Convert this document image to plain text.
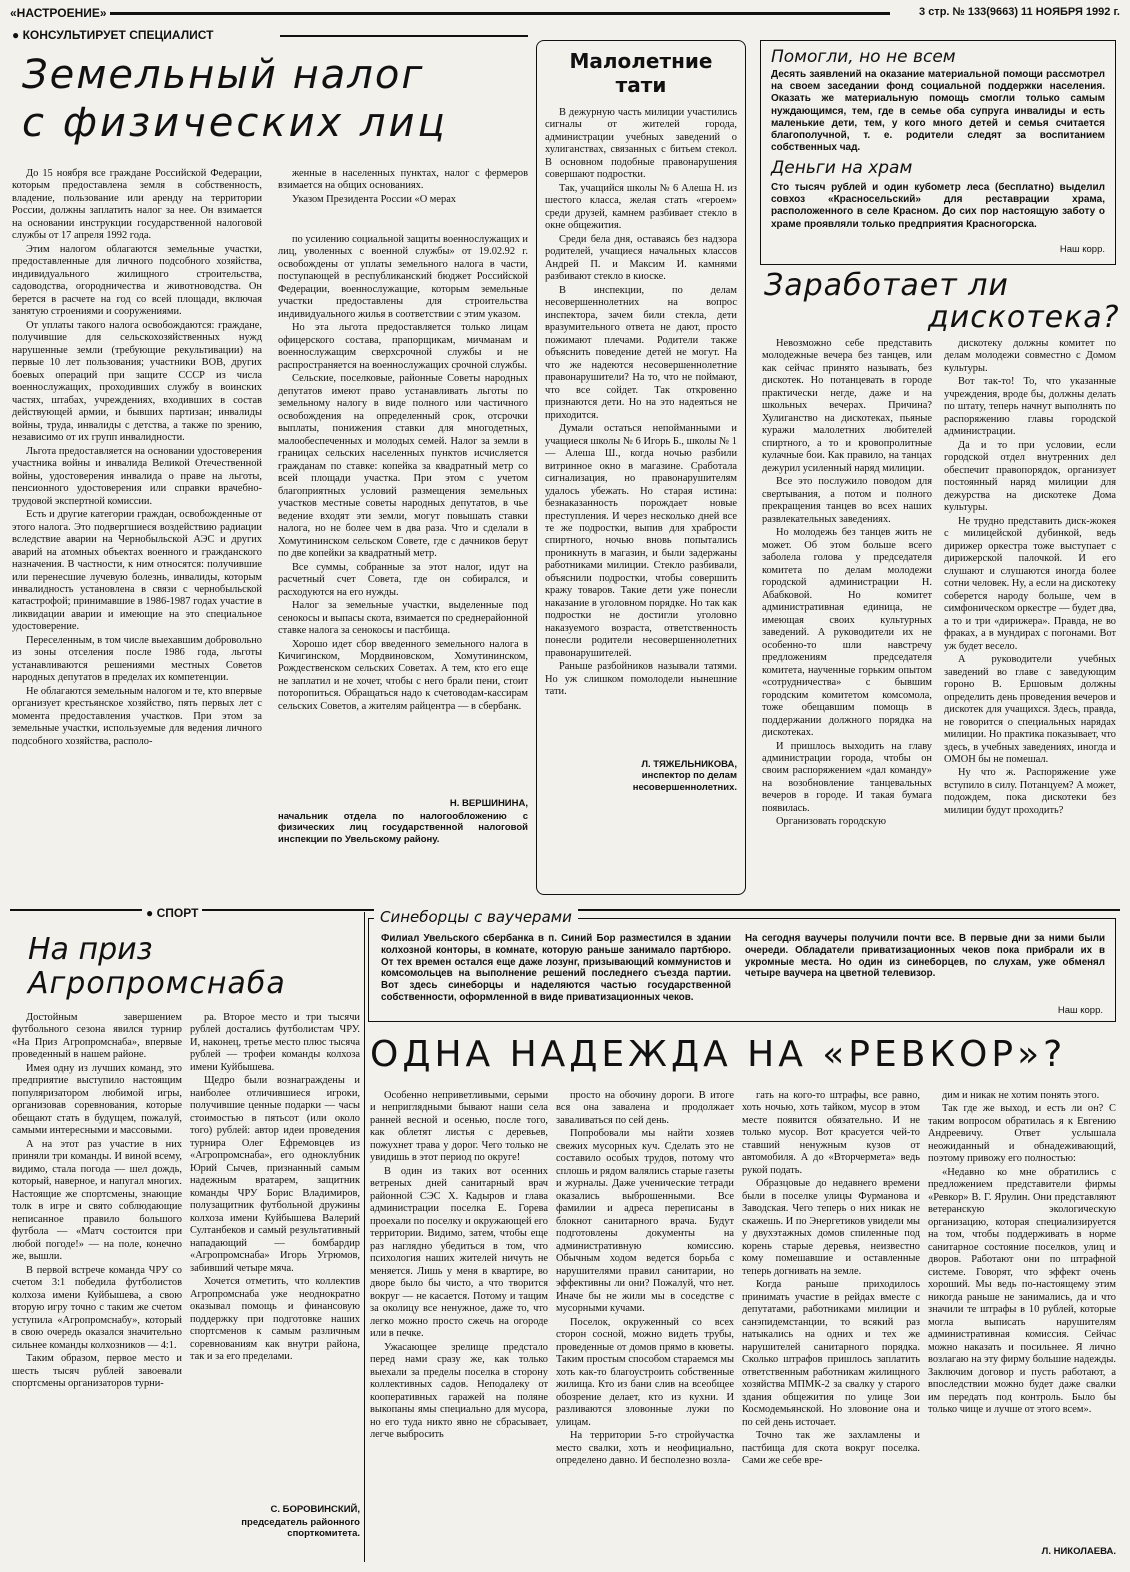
«НАСТРОЕНИЕ»	3 стр. № 133(9663) 11 НОЯБРЯ 1992 г.
● КОНСУЛЬТИРУЕТ СПЕЦИАЛИСТ
Земельный налог
с физических лиц

До 15 ноября все граждане Российской Федерации, которым предоставлена земля в собственность, владение, пользование или аренду на территории России, должны заплатить налог за нее. Он взимается на основании инструкции государственной налоговой службы от 17 апреля 1992 года.

Этим налогом облагаются земельные участки, предоставленные для личного подсобного хозяйства, индивидуального жилищного строительства, садоводства, огородничества и животноводства. Он берется в расчете на год со всей площади, включая занятую строениями и сооружениями.

От уплаты такого налога освобождаются: граждане, получившие для сельскохозяйственных нужд нарушенные земли (требующие рекультивации) на первые 10 лет пользования; участники ВОВ, других боевых операций при защите СССР из числа военнослужащих, проходивших службу в воинских частях, штабах, учреждениях, входивших в состав действующей армии, и бывших партизан; инвалиды войны, труда, инвалиды с детства, а также по зрению, независимо от их групп инвалидности.

Льгота предоставляется на основании удостоверения участника войны и инвалида Великой Отечественной войны, удостоверения инвалида о праве на льготы, пенсионного удостоверения или справки врачебно-трудовой экспертной комиссии.

Есть и другие категории граждан, освобожденные от этого налога. Это подвергшиеся воздействию радиации вследствие аварии на Чернобыльской АЭС и других аварий на атомных объектах военного и гражданского назначения. В частности, к ним относятся: получившие или перенесшие лучевую болезнь, инвалиды, которым инвалидность установлена в связи с чернобыльской катастрофой; принимавшие в 1986-1987 годах участие в ликвидации аварии и имеющие на это специальное удостоверение.

Переселенным, в том числе выехавшим добровольно из зоны отселения после 1986 года, льготы устанавливаются решениями местных Советов народных депутатов в пределах их компетенции.

Не облагаются земельным налогом и те, кто впервые организует крестьянское хозяйство, пять первых лет с момента предоставления участков. При этом за земельные участки, используемые для ведения личного подсобного хозяйства, располо-

женные в населенных пунктах, налог с фермеров взимается на общих основаниях.

Указом Президента России «О мерах

по усилению социальной защиты военнослужащих и лиц, уволенных с военной службы» от 19.02.92 г. освобождены от уплаты земельного налога в части, поступающей в республиканский бюджет Российской Федерации, военнослужащие, которым земельные участки предоставлены для строительства индивидуального жилья в соответствии с этим указом.

Но эта льгота предоставляется только лицам офицерского состава, прапорщикам, мичманам и военнослужащим сверхсрочной службы и не распространяется на военнослужащих срочной службы.

Сельские, поселковые, районные Советы народных депутатов имеют право устанавливать льготы по земельному налогу в виде полного или частичного освобождения на определенный срок, отсрочки выплаты, понижения ставки для многодетных, малообеспеченных и молодых семей. Налог за земли в границах сельских населенных пунктов исчисляется гражданам по ставке: копейка за квадратный метр со всей площади участка. При этом с учетом благоприятных условий размещения земельных участков местные советы народных депутатов, в чье ведение входят эти земли, могут повышать ставки налога, но не более чем в два раза. Что и сделали в Хомутининском сельском Совете, где с дачников берут по две копейки за квадратный метр.

Все суммы, собранные за этот налог, идут на расчетный счет Совета, где он собирался, и расходуются на его нужды.

Налог за земельные участки, выделенные под сенокосы и выпасы скота, взимается по среднерайонной ставке налога за сенокосы и пастбища.

Хорошо идет сбор введенного земельного налога в Кичигинском, Мордвиновском, Хомутининском, Рождественском сельских Советах. А тем, кто его еще не заплатил и не хочет, чтобы с него брали пени, стоит поторопиться. Обращаться надо к счетоводам-кассирам сельских Советов, а жителям райцентра — в сбербанк.

Н. ВЕРШИНИНА,
начальник отдела по налогообложению с физических лиц государственной налоговой инспекции по Увельскому району.
Малолетние
тати

В дежурную часть милиции участились сигналы от жителей города, администрации учебных заведений о хулиганствах, связанных с битьем стекол. В основном подобные правонарушения совершают подростки.

Так, учащийся школы № 6 Алеша Н. из шестого класса, желая стать «героем» среди друзей, камнем разбивает стекло в окне общежития.

Среди бела дня, оставаясь без надзора родителей, учащиеся начальных классов Андрей П. и Максим И. камнями разбивают стекло в киоске.

В инспекции, по делам несовершеннолетних на вопрос инспектора, зачем били стекла, дети вразумительного ответа не дают, просто пожимают плечами. Родители также объяснить поведение детей не могут. На что же надеются несовершеннолетние правонарушители? На то, что не поймают, что все сойдет. Так откровенно признаются дети. Но на это надеяться не приходится.

Думали остаться непойманными и учащиеся школы № 6 Игорь Б., школы № 1 — Алеша Ш., когда ночью разбили витринное окно в магазине. Сработала сигнализация, но правонарушителям удалось убежать. Но старая истина: безнаказанность порождает новые преступления. И через несколько дней все те же подростки, выпив для храбрости спиртного, ночью вновь попытались проникнуть в магазин, и были задержаны работниками милиции. Стекло разбивали, объяснили подростки, чтобы совершить кражу товаров. Такие дети уже понесли наказание в уголовном порядке. Но так как подростки не достигли уголовно наказуемого возраста, ответственность понесли родители несовершеннолетних правонарушителей.

Раньше разбойников называли татями. Но уж слишком помолодели нынешние тати.

Л. ТЯЖЕЛЬНИКОВА,
инспектор по делам несовершеннолетних.
Помогли, но не всем
Десять заявлений на оказание материальной помощи рассмотрел на своем заседании фонд социальной поддержки населения. Оказать же материальную помощь смогли только самым нуждающимся, тем, где в семье оба супруга инвалиды и есть маленькие дети, тем, у кого много детей и семья считается благополучной, т. е. родители следят за воспитанием собственных чад.
Деньги на храм
Сто тысяч рублей и один кубометр леса (бесплатно) выделил совхоз «Красносельский» для реставрации храма, расположенного в селе Красном. До сих пор настоящую заботу о храме проявляли только предприятия Красногорска.
Наш корр.
Заработает ли
дискотека?

Невозможно себе представить молодежные вечера без танцев, или как сейчас принято называть, без дискотек. Но потанцевать в городе практически негде, даже и на школьных вечерах. Причина? Хулиганство на дискотеках, пьяные куражи малолетних любителей спиртного, а то и кровопролитные кулачные бои. Как правило, на танцах дежурил усиленный наряд милиции.

Все это послужило поводом для свертывания, а потом и полного прекращения танцев во всех наших развлекательных заведениях.

Но молодежь без танцев жить не может. Об этом больше всего заболела голова у председателя комитета по делам молодежи городской администрации Н. Абабковой. Но комитет административная единица, не имеющая своих культурных заведений. А руководители их не особенно-то шли навстречу предложениям председателя комитета, наученные горьким опытом «сотрудничества» с бывшим городским комитетом комсомола, тоже обещавшим помощь в поддержании должного порядка на дискотеках.

И пришлось выходить на главу администрации города, чтобы он своим распоряжением «дал команду» на возобновление танцевальных вечеров в городе. И такая бумага появилась.

Организовать городскую

дискотеку должны комитет по делам молодежи совместно с Домом культуры.

Вот так-то! То, что указанные учреждения, вроде бы, должны делать по штату, теперь начнут выполнять по распоряжению главы городской администрации.

Да и то при условии, если городской отдел внутренних дел обеспечит правопорядок, организует постоянный наряд милиции для дежурства на дискотеке Дома культуры.

Не трудно представить диск-жокея с милицейской дубинкой, ведь дирижер оркестра тоже выступает с дирижерской палочкой. И его слушают и слушаются иногда более сотни человек. Ну, а если на дискотеку соберется народу больше, чем в симфоническом оркестре — будет два, а то и три «дирижера». Правда, не во фраках, а в мундирах с погонами. Вот уж будет весело.

А руководители учебных заведений во главе с заведующим гороно В. Ершовым должны определить день проведения вечеров и дискотек для учащихся. Здесь, правда, не говорится о специальных нарядах милиции. Но практика показывает, что здесь, в учебных заведениях, иногда и ОМОН бы не помешал.

Ну что ж. Распоряжение уже вступило в силу. Потанцуем? А может, подождем, пока дискотеки без милиции будут проходить?

● СПОРТ
На приз
Агропромснаба

Достойным завершением футбольного сезона явился турнир «На Приз Агропромснаба», впервые проведенный в нашем районе.

Имея одну из лучших команд, это предприятие выступило настоящим популяризатором любимой игры, организовав соревнования, которые обещают стать в будущем, пожалуй, самыми интересными и массовыми.

А на этот раз участие в них приняли три команды. И виной всему, видимо, стала погода — шел дождь, который, наверное, и напугал многих. Настоящие же спортсмены, знающие толк в игре и свято соблюдающие неписанное правило большого футбола — «Матч состоится при любой погоде!» — на поле, конечно же, вышли.

В первой встрече команда ЧРУ со счетом 3:1 победила футболистов колхоза имени Куйбышева, а свою вторую игру точно с таким же счетом уступила «Агропромснабу», который в свою очередь оказался значительно сильнее команды колхозников — 4:1.

Таким образом, первое место и шесть тысяч рублей завоевали спортсмены организаторов турни-

ра. Второе место и три тысячи рублей достались футболистам ЧРУ. И, наконец, третье место плюс тысяча рублей — трофеи команды колхоза имени Куйбышева.

Щедро были вознаграждены и наиболее отличившиеся игроки, получившие ценные подарки — часы стоимостью в пятьсот (или около того) рублей: автор идеи проведения турнира Олег Ефремовцев из «Агропромснаба», его одноклубник Юрий Сычев, признанный самым надежным вратарем, защитник команды ЧРУ Борис Владимиров, полузащитник футбольной дружины колхоза имени Куйбышева Валерий Султанбеков и самый результативный нападающий — бомбардир «Агропромснаба» Игорь Угрюмов, забивший четыре мяча.

Хочется отметить, что коллектив Агропромснаба уже неоднократно оказывал помощь и финансовую поддержку при подготовке наших спортсменов к самым различным соревнованиям как внутри района, так и за его пределами.

С. БОРОВИНСКИЙ,
председатель районного спорткомитета.
Филиал Увельского сбербанка в п. Синий Бор разместился в здании колхозной конторы, в комнате, которую раньше занимало партбюро. От тех времен остался еще даже лозунг, призывающий коммунистов и комсомольцев на выполнение решений последнего съезда партии. Вот здесь синеборцы и наделяются частью государственной собственности, оформленной в виде приватизационных чеков.
На сегодня ваучеры получили почти все. В первые дни за ними были очереди. Обладатели приватизационных чеков пока прибрали их в укромные места. Но один из синеборцев, по слухам, уже обменял четыре ваучера на цветной телевизор.
Наш корр.
Синеборцы с ваучерами
ОДНА НАДЕЖДА НА «РЕВКОР»?

Особенно неприветливыми, серыми и неприглядными бывают наши села ранней весной и осенью, после того, как облетят листья с деревьев, пожухнет трава у дорог. Чего только не увидишь в этот период по округе!

В один из таких вот осенних ветреных дней санитарный врач районной СЭС Х. Кадыров и глава администрации поселка Е. Горева проехали по поселку и окружающей его территории. Видимо, затем, чтобы еще раз наглядно убедиться в том, что психология наших жителей ничуть не меняется. Лишь у меня в квартире, во дворе было бы чисто, а что творится вокруг — не касается. Потому и тащим за околицу все ненужное, даже то, что легко можно просто сжечь на огороде или в печке.

Ужасающее зрелище предстало перед нами сразу же, как только выехали за пределы поселка в сторону коллективных садов. Неподалеку от кооперативных гаражей на поляне выкопаны ямы специально для мусора, но его туда никто явно не сбрасывает, легче выбросить

просто на обочину дороги. В итоге вся она завалена и продолжает заваливаться по сей день.

Попробовали мы найти хозяев свежих мусорных куч. Сделать это не составило особых трудов, потому что сплошь и рядом валялись старые газеты и журналы. Даже ученические тетради оказались выброшенными. Все фамилии и адреса переписаны в блокнот санитарного врача. Будут подготовлены документы на административную комиссию. Обычным ходом ведется борьба с нарушителями правил санитарии, но эффективны ли они? Пожалуй, что нет. Иначе бы не жили мы в соседстве с мусорными кучами.

Поселок, окруженный со всех сторон сосной, можно видеть трубы, проведенные от домов прямо в кюветы. Таким простым способом стараемся мы хоть как-то благоустроить собственные жилища. Кто из бани слив на всеобщее обозрение делает, кто из кухни. И разливаются зловонные лужи по улицам.

На территории 5-го стройучастка место свалки, хоть и неофициально, определено давно. И бесполезно возла-

гать на кого-то штрафы, все равно, хоть ночью, хоть тайком, мусор в этом месте появится обязательно. И не только мусор. Вот красуется чей-то ставший ненужным кузов от автомобиля. А до «Вторчермета» ведь рукой подать.

Образцовые до недавнего времени были в поселке улицы Фурманова и Заводская. Чего теперь о них никак не скажешь. И по Энергетиков увидели мы у двухэтажных домов спиленные под корень старые деревья, неизвестно кому помешавшие и оставленные теперь догнивать на земле.

Когда раньше приходилось принимать участие в рейдах вместе с депутатами, работниками милиции и санэпидемстанции, то всякий раз натыкались на одних и тех же нарушителей санитарного порядка. Сколько штрафов пришлось заплатить ответственным работникам жилищного хозяйства МПМК-2 за свалку у старого здания общежития по улице Зои Космодемьянской. Но зловоние она и по сей день источает.

Точно так же захламлены и пастбища для скота вокруг поселка. Сами же себе вре-

дим и никак не хотим понять этого.

Так где же выход, и есть ли он? С таким вопросом обратилась я к Евгению Андреевичу. Ответ услышала неожиданный и обнадеживающий, поэтому привожу его полностью:

«Недавно ко мне обратились с предложением представители фирмы «Ревкор» В. Г. Ярулин. Они представляют ветеранскую экологическую организацию, которая специализируется на том, чтобы поддерживать в норме санитарное состояние поселков, улиц и дворов. Работают они по штрафной системе. Говорят, что эффект очень хороший. Мы ведь по-настоящему этим никогда раньше не занимались, да и что значили те штрафы в 10 рублей, которые могла выписать нарушителям административная комиссия. Сейчас можно наказать и посильнее. Я лично возлагаю на эту фирму большие надежды. Заключим договор и пусть работают, а впоследствии можно будет даже свалки им передать под контроль. Было бы только чище и лучше от этого всем».

Л. НИКОЛАЕВА.
